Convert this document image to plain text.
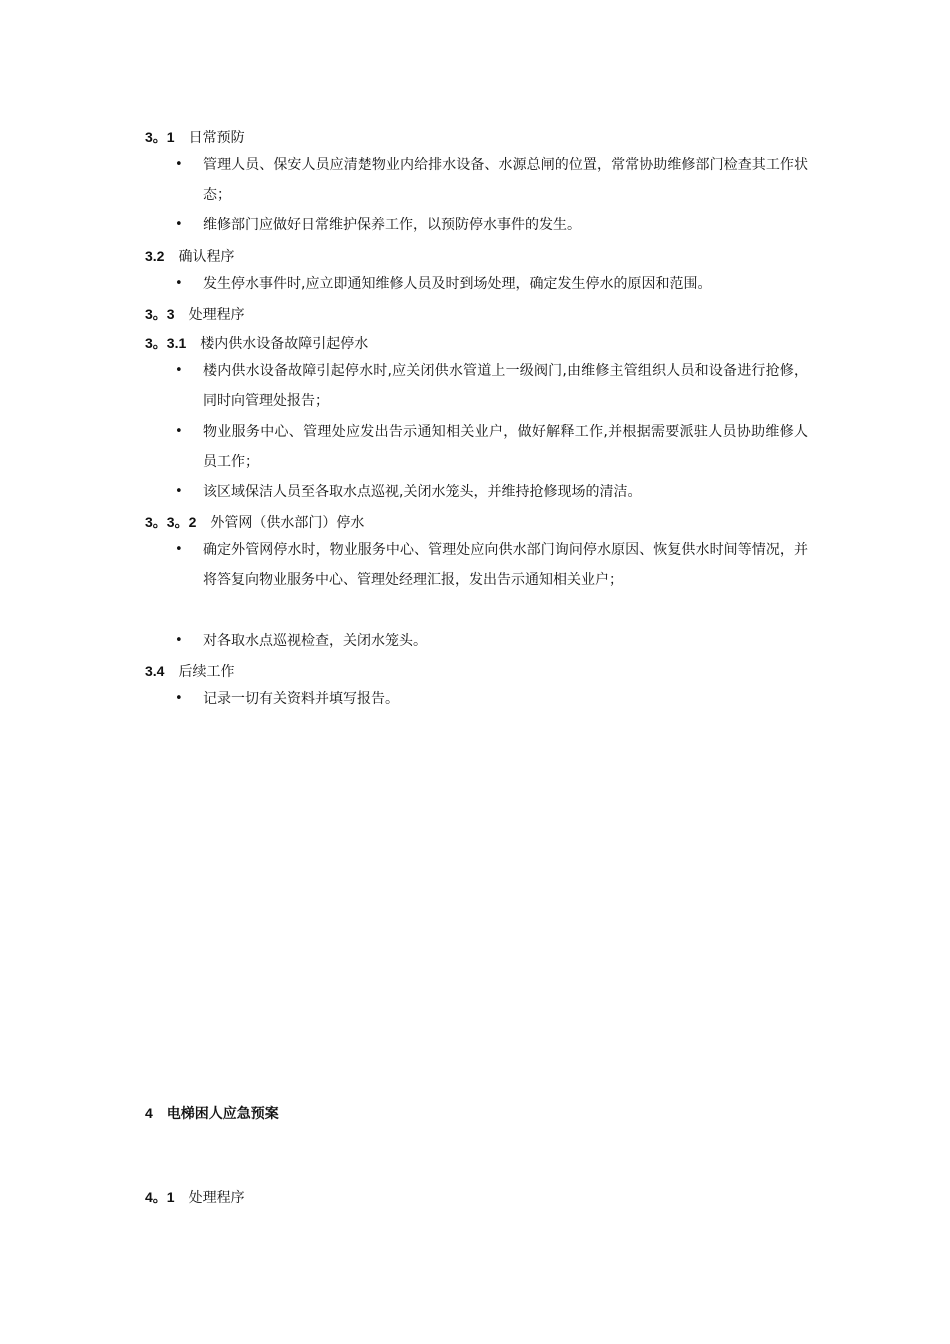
3。1 日常预防
• 管理人员、保安人员应清楚物业内给排水设备、水源总闸的位置，常常协助维修部门检查其工作状态；
• 维修部门应做好日常维护保养工作，以预防停水事件的发生。
3.2 确认程序
• 发生停水事件时,应立即通知维修人员及时到场处理，确定发生停水的原因和范围。
3。3 处理程序
3。3.1 楼内供水设备故障引起停水
• 楼内供水设备故障引起停水时,应关闭供水管道上一级阀门,由维修主管组织人员和设备进行抢修，同时向管理处报告；
• 物业服务中心、管理处应发出告示通知相关业户，做好解释工作,并根据需要派驻人员协助维修人员工作；
• 该区域保洁人员至各取水点巡视,关闭水笼头，并维持抢修现场的清洁。
3。3。2 外管网（供水部门）停水
• 确定外管网停水时，物业服务中心、管理处应向供水部门询问停水原因、恢复供水时间等情况，并将答复向物业服务中心、管理处经理汇报，发出告示通知相关业户；
• 对各取水点巡视检查，关闭水笼头。
3.4 后续工作
• 记录一切有关资料并填写报告。
4 电梯困人应急预案
4。1 处理程序
